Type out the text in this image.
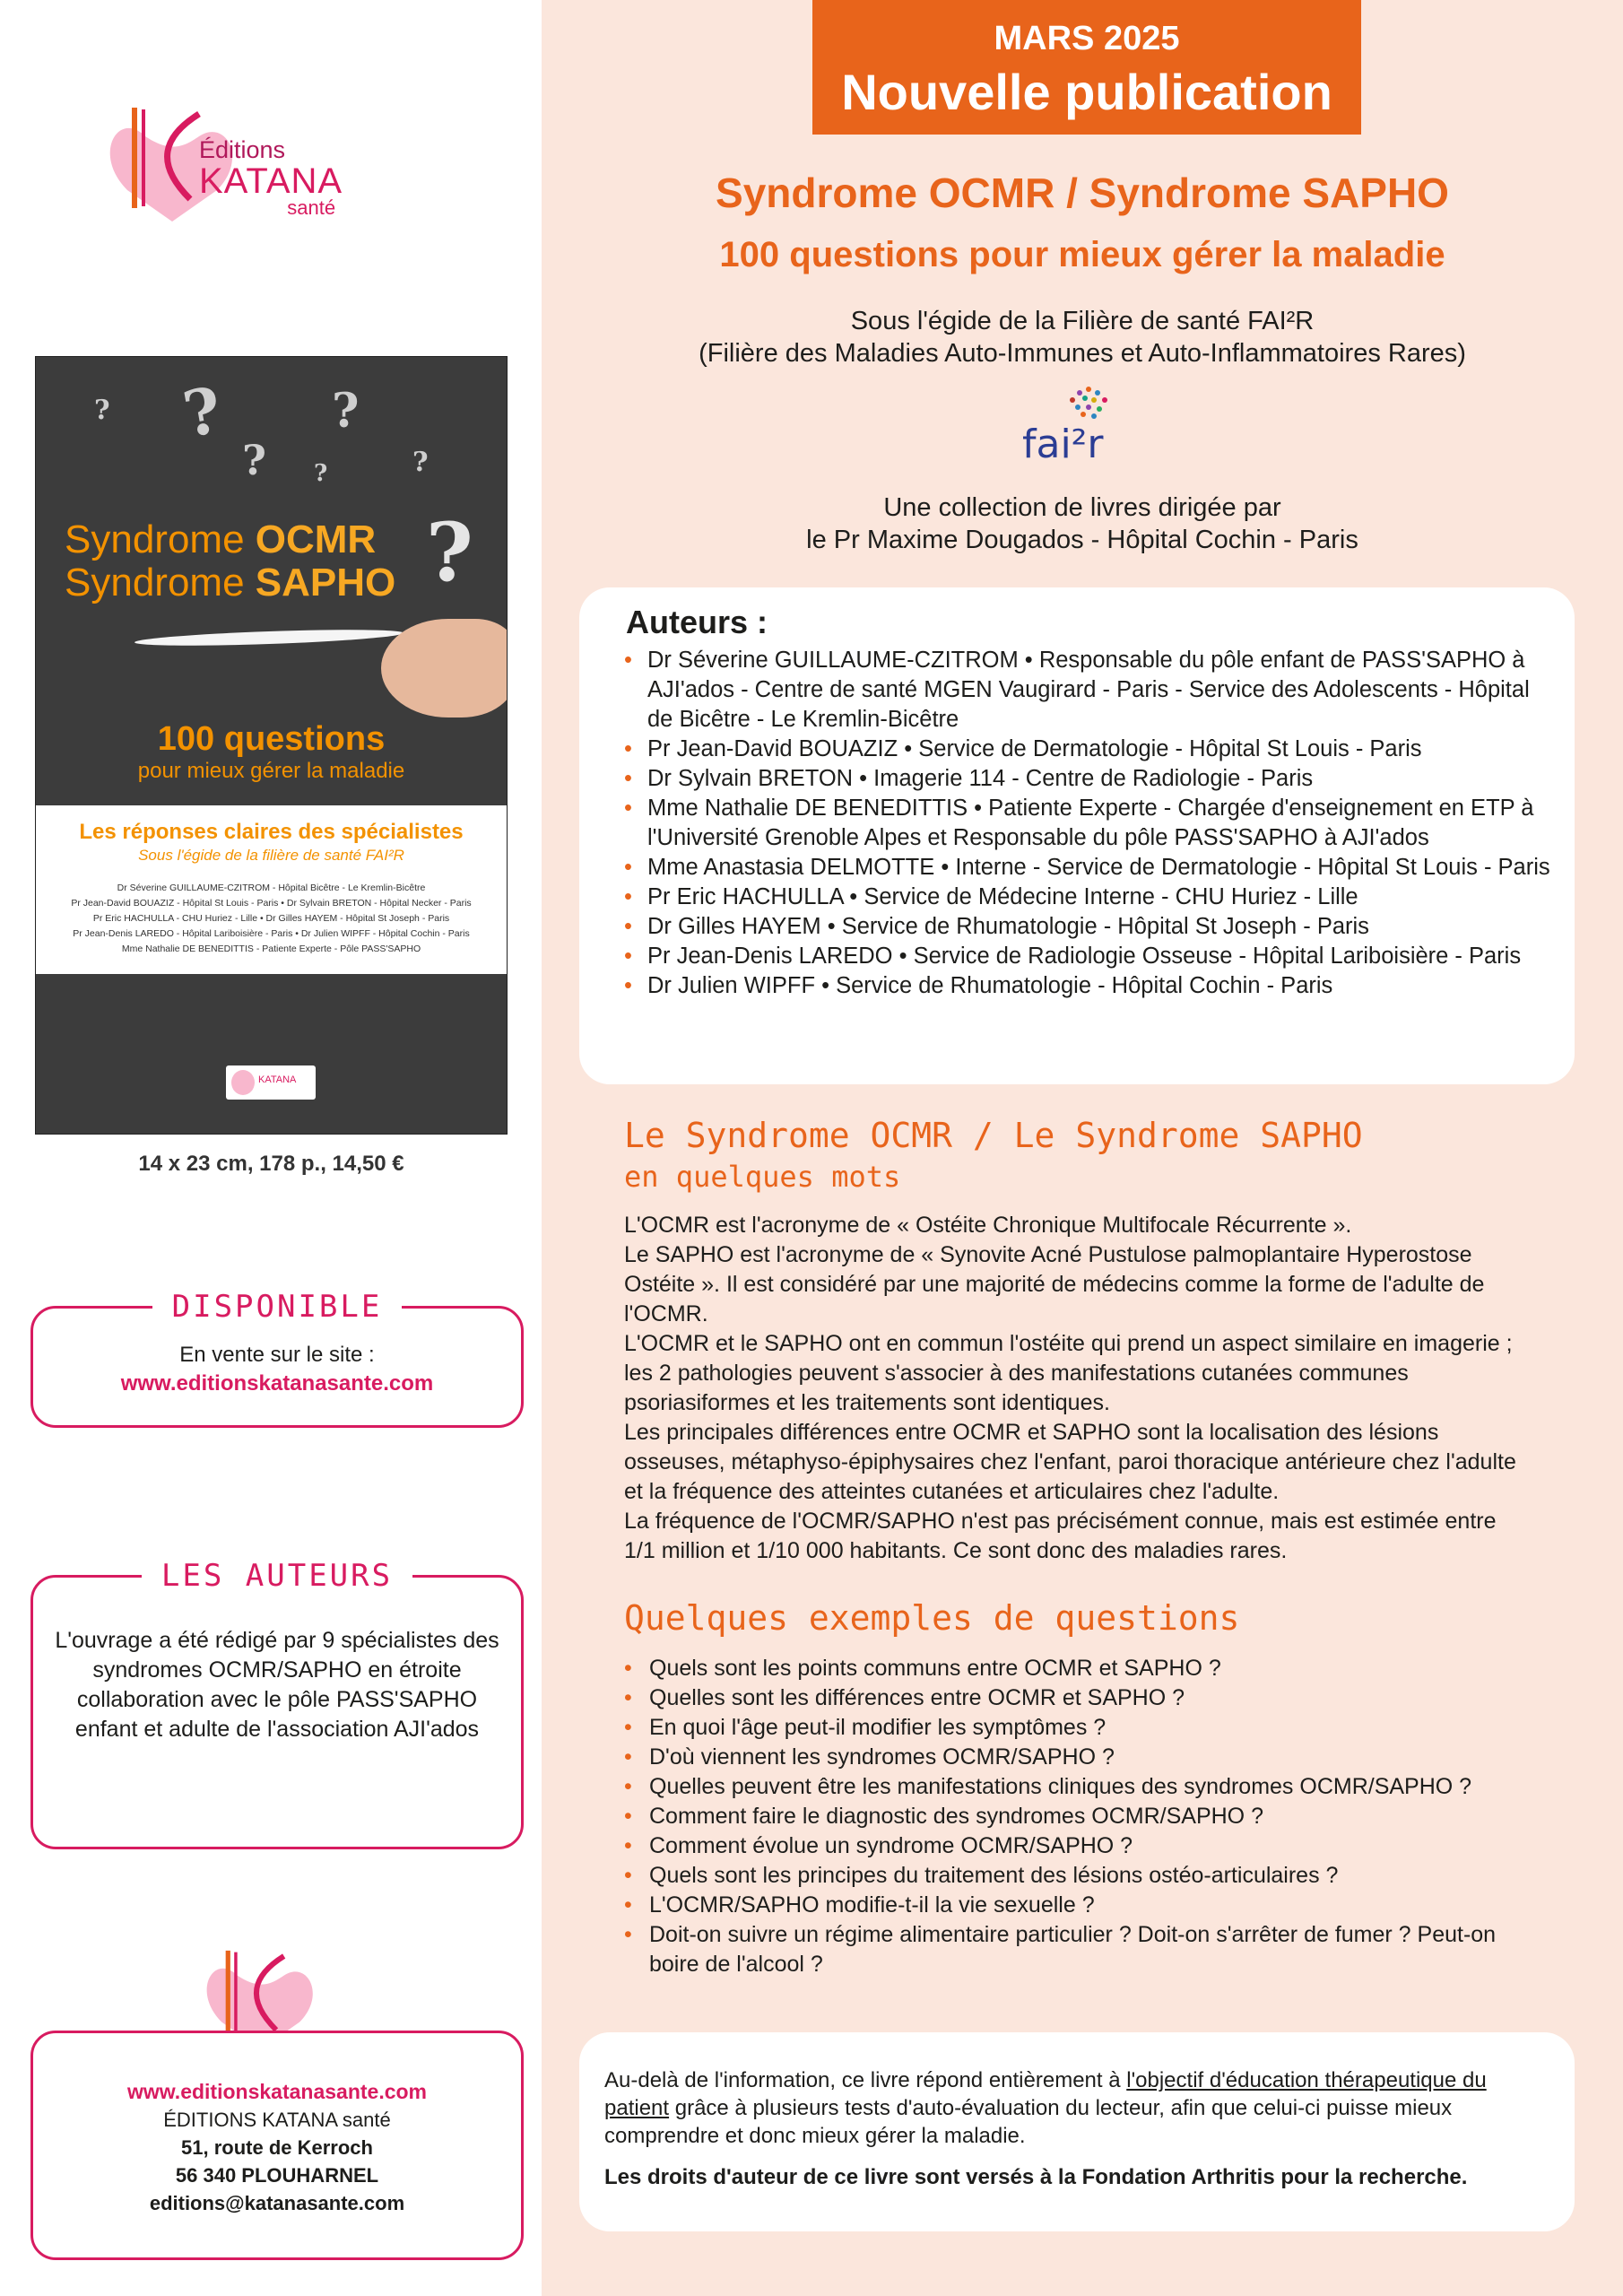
Éditions
KATANA
santé
? ?
?
? ?	?
?
Syndrome OCMR
Syndrome SAPHO
100 questions
pour mieux gérer la maladie
Les réponses claires des spécialistes
Sous l'égide de la filière de santé FAI²R
Dr Séverine GUILLAUME-CZITROM - Hôpital Bicêtre - Le Kremlin-Bicêtre
Pr Jean-David BOUAZIZ - Hôpital St Louis - Paris • Dr Sylvain BRETON - Hôpital Necker - Paris
Pr Eric HACHULLA - CHU Huriez - Lille • Dr Gilles HAYEM - Hôpital St Joseph - Paris
Pr Jean-Denis LAREDO - Hôpital Lariboisière - Paris • Dr Julien WIPFF - Hôpital Cochin - Paris
Mme Nathalie DE BENEDITTIS - Patiente Experte - Pôle PASS'SAPHO
KATANA
14 x 23 cm, 178 p., 14,50 €
DISPONIBLE
En vente sur le site :
www.editionskatanasante.com
LES AUTEURS
L'ouvrage a été rédigé par 9 spécialistes des syndromes OCMR/SAPHO en étroite collaboration avec le pôle PASS'SAPHO enfant et adulte de l'association AJI'ados
www.editionskatanasante.com
ÉDITIONS KATANA santé
51, route de Kerroch
56 340 PLOUHARNEL
editions@katanasante.com
MARS 2025
Nouvelle publication
Syndrome OCMR / Syndrome SAPHO
100 questions pour mieux gérer la maladie
Sous l'égide de la Filière de santé FAI²R
(Filière des Maladies Auto-Immunes et Auto-Inflammatoires Rares)
fai²r
Une collection de livres dirigée par
le Pr Maxime Dougados - Hôpital Cochin - Paris
Auteurs :
• Dr Séverine GUILLAUME-CZITROM • Responsable du pôle enfant de PASS'SAPHO à AJI'ados - Centre de santé MGEN Vaugirard - Paris - Service des Adolescents - Hôpital de Bicêtre - Le Kremlin-Bicêtre
• Pr Jean-David BOUAZIZ • Service de Dermatologie - Hôpital St Louis - Paris
• Dr Sylvain BRETON • Imagerie 114 - Centre de Radiologie - Paris
• Mme Nathalie DE BENEDITTIS • Patiente Experte - Chargée d'enseignement en ETP à l'Université Grenoble Alpes et Responsable du pôle PASS'SAPHO à AJI'ados
• Mme Anastasia DELMOTTE • Interne - Service de Dermatologie - Hôpital St Louis - Paris
• Pr Eric HACHULLA • Service de Médecine Interne - CHU Huriez - Lille
• Dr Gilles HAYEM • Service de Rhumatologie - Hôpital St Joseph - Paris
• Pr Jean-Denis LAREDO • Service de Radiologie Osseuse - Hôpital Lariboisière - Paris
• Dr Julien WIPFF • Service de Rhumatologie - Hôpital Cochin - Paris
Le Syndrome OCMR / Le Syndrome SAPHO
en quelques mots
L'OCMR est l'acronyme de « Ostéite Chronique Multifocale Récurrente ».
Le SAPHO est l'acronyme de « Synovite Acné Pustulose palmoplantaire Hyperostose Ostéite ». Il est considéré par une majorité de médecins comme la forme de l'adulte de l'OCMR.
L'OCMR et le SAPHO ont en commun l'ostéite qui prend un aspect similaire en imagerie ; les 2 pathologies peuvent s'associer à des manifestations cutanées communes psoriasiformes et les traitements sont identiques.
Les principales différences entre OCMR et SAPHO sont la localisation des lésions osseuses, métaphyso-épiphysaires chez l'enfant, paroi thoracique antérieure chez l'adulte et la fréquence des atteintes cutanées et articulaires chez l'adulte.
La fréquence de l'OCMR/SAPHO n'est pas précisément connue, mais est estimée entre 1/1 million et 1/10 000 habitants. Ce sont donc des maladies rares.
Quelques exemples de questions
• Quels sont les points communs entre OCMR et SAPHO ?
• Quelles sont les différences entre OCMR et SAPHO ?
• En quoi l'âge peut-il modifier les symptômes ?
• D'où viennent les syndromes OCMR/SAPHO ?
• Quelles peuvent être les manifestations cliniques des syndromes OCMR/SAPHO ?
• Comment faire le diagnostic des syndromes OCMR/SAPHO ?
• Comment évolue un syndrome OCMR/SAPHO ?
• Quels sont les principes du traitement des lésions ostéo-articulaires ?
• L'OCMR/SAPHO modifie-t-il la vie sexuelle ?
• Doit-on suivre un régime alimentaire particulier ? Doit-on s'arrêter de fumer ? Peut-on boire de l'alcool ?
Au-delà de l'information, ce livre répond entièrement à l'objectif d'éducation thérapeutique du patient grâce à plusieurs tests d'auto-évaluation du lecteur, afin que celui-ci puisse mieux comprendre et donc mieux gérer la maladie.
Les droits d'auteur de ce livre sont versés à la Fondation Arthritis pour la recherche.
